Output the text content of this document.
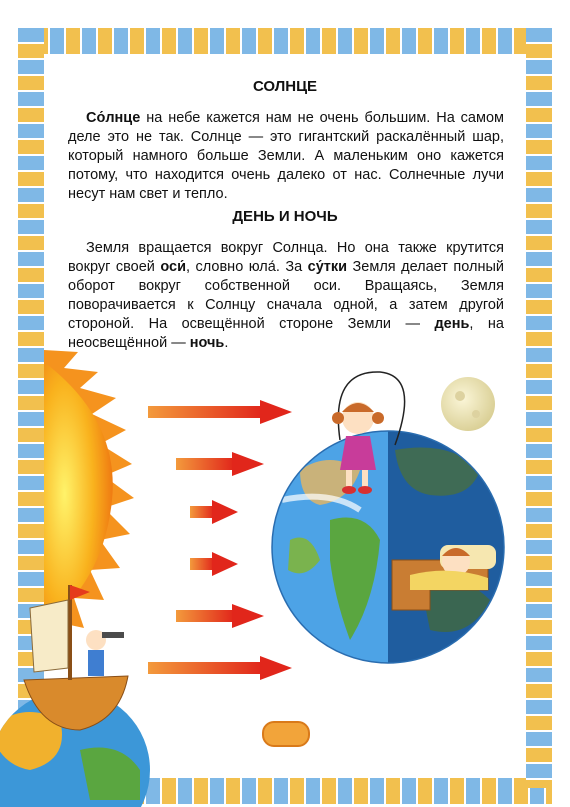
СОЛНЦЕ

Со́лнце на небе кажется нам не очень большим. На самом деле это не так. Солнце — это гигантский раскалённый шар, который намного больше Земли. А маленьким оно кажется потому, что находится очень далеко от нас. Солнечные лучи несут нам свет и тепло.

ДЕНЬ И НОЧЬ

Земля вращается вокруг Солнца. Но она также крутится вокруг своей оси́, словно юла́. За су́тки Земля делает полный оборот вокруг собственной оси. Вращаясь, Земля поворачивается к Солнцу сначала одной, а затем другой стороной. На освещённой стороне Земли — день, на неосвещённой — ночь.
